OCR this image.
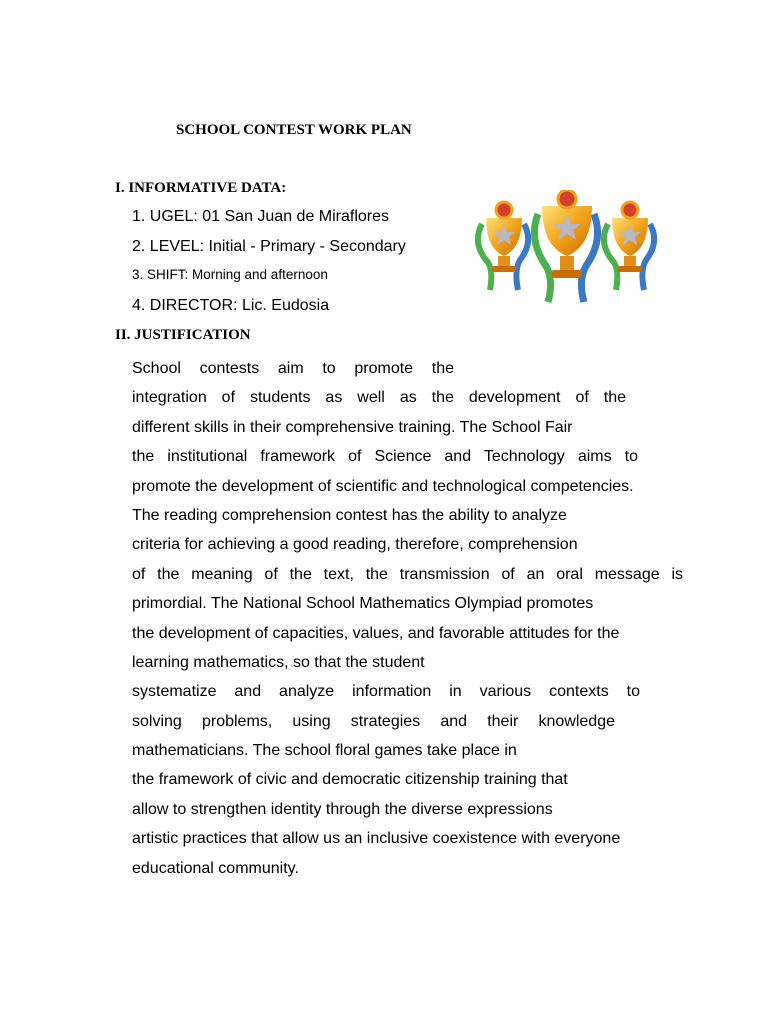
SCHOOL CONTEST WORK PLAN
I. INFORMATIVE DATA:
1. UGEL: 01 San Juan de Miraflores
2. LEVEL: Initial - Primary - Secondary
3. SHIFT: Morning and afternoon
4. DIRECTOR: Lic. Eudosia
II. JUSTIFICATION
School contests aim to promote the
integration of students as well as the development of the
different skills in their comprehensive training. The School Fair
the institutional framework of Science and Technology aims to
promote the development of scientific and technological competencies.
The reading comprehension contest has the ability to analyze
criteria for achieving a good reading, therefore, comprehension
of the meaning of the text, the transmission of an oral message is
primordial. The National School Mathematics Olympiad promotes
the development of capacities, values, and favorable attitudes for the
learning mathematics, so that the student
systematize and analyze information in various contexts to
solving problems, using strategies and their knowledge
mathematicians. The school floral games take place in
the framework of civic and democratic citizenship training that
allow to strengthen identity through the diverse expressions
artistic practices that allow us an inclusive coexistence with everyone
educational community.
